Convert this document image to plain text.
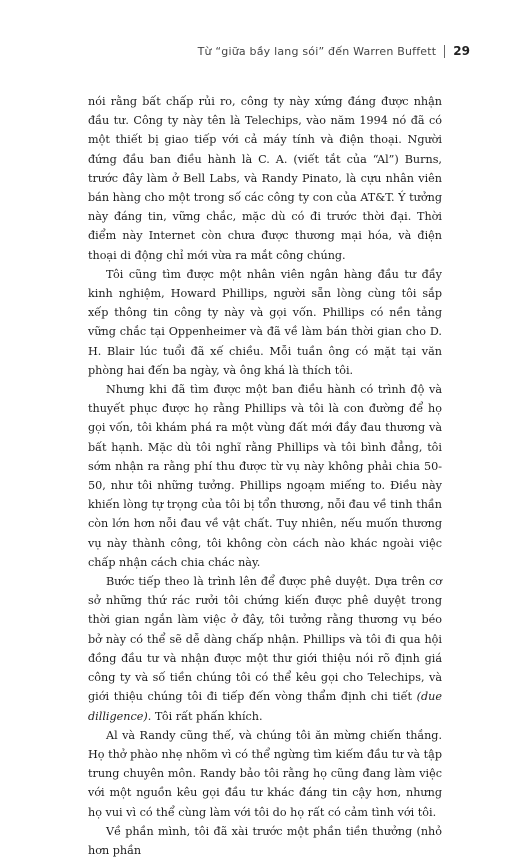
Từ “giữa bầy lang sói” đến Warren Buffett 29

nói rằng bất chấp rủi ro, công ty này xứng đáng được nhận đầu tư. Công ty này tên là Telechips, vào năm 1994 nó đã có một thiết bị giao tiếp với cả máy tính và điện thoại. Người đứng đầu ban điều hành là C. A. (viết tắt của “Al”) Burns, trước đây làm ở Bell Labs, và Randy Pinato, là cựu nhân viên bán hàng cho một trong số các công ty con của AT&T. Ý tưởng này đáng tin, vững chắc, mặc dù có đi trước thời đại. Thời điểm này Internet còn chưa được thương mại hóa, và điện thoại di động chỉ mới vừa ra mắt công chúng.

Tôi cũng tìm được một nhân viên ngân hàng đầu tư đầy kinh nghiệm, Howard Phillips, người sẵn lòng cùng tôi sắp xếp thông tin công ty này và gọi vốn. Phillips có nền tảng vững chắc tại Oppenheimer và đã về làm bán thời gian cho D. H. Blair lúc tuổi đã xế chiều. Mỗi tuần ông có mặt tại văn phòng hai đến ba ngày, và ông khá là thích tôi.

Nhưng khi đã tìm được một ban điều hành có trình độ và thuyết phục được họ rằng Phillips và tôi là con đường để họ gọi vốn, tôi khám phá ra một vùng đất mới đầy đau thương và bất hạnh. Mặc dù tôi nghĩ rằng Phillips và tôi bình đẳng, tôi sớm nhận ra rằng phí thu được từ vụ này không phải chia 50-50, như tôi những tưởng. Phillips ngoạm miếng to. Điều này khiến lòng tự trọng của tôi bị tổn thương, nỗi đau về tinh thần còn lớn hơn nỗi đau về vật chất. Tuy nhiên, nếu muốn thương vụ này thành công, tôi không còn cách nào khác ngoài việc chấp nhận cách chia chác này.

Bước tiếp theo là trình lên để được phê duyệt. Dựa trên cơ sở những thứ rác rưởi tôi chứng kiến được phê duyệt trong thời gian ngắn làm việc ở đây, tôi tưởng rằng thương vụ béo bở này có thể sẽ dễ dàng chấp nhận. Phillips và tôi đi qua hội đồng đầu tư và nhận được một thư giới thiệu nói rõ định giá công ty và số tiền chúng tôi có thể kêu gọi cho Telechips, và giới thiệu chúng tôi đi tiếp đến vòng thẩm định chi tiết (due dilligence). Tôi rất phấn khích.

Al và Randy cũng thế, và chúng tôi ăn mừng chiến thắng. Họ thở phào nhẹ nhõm vì có thể ngừng tìm kiếm đầu tư và tập trung chuyên môn. Randy bảo tôi rằng họ cũng đang làm việc với một nguồn kêu gọi đầu tư khác đáng tin cậy hơn, nhưng họ vui vì có thể cùng làm với tôi do họ rất có cảm tình với tôi.

Về phần mình, tôi đã xài trước một phần tiền thưởng (nhỏ hơn phần
